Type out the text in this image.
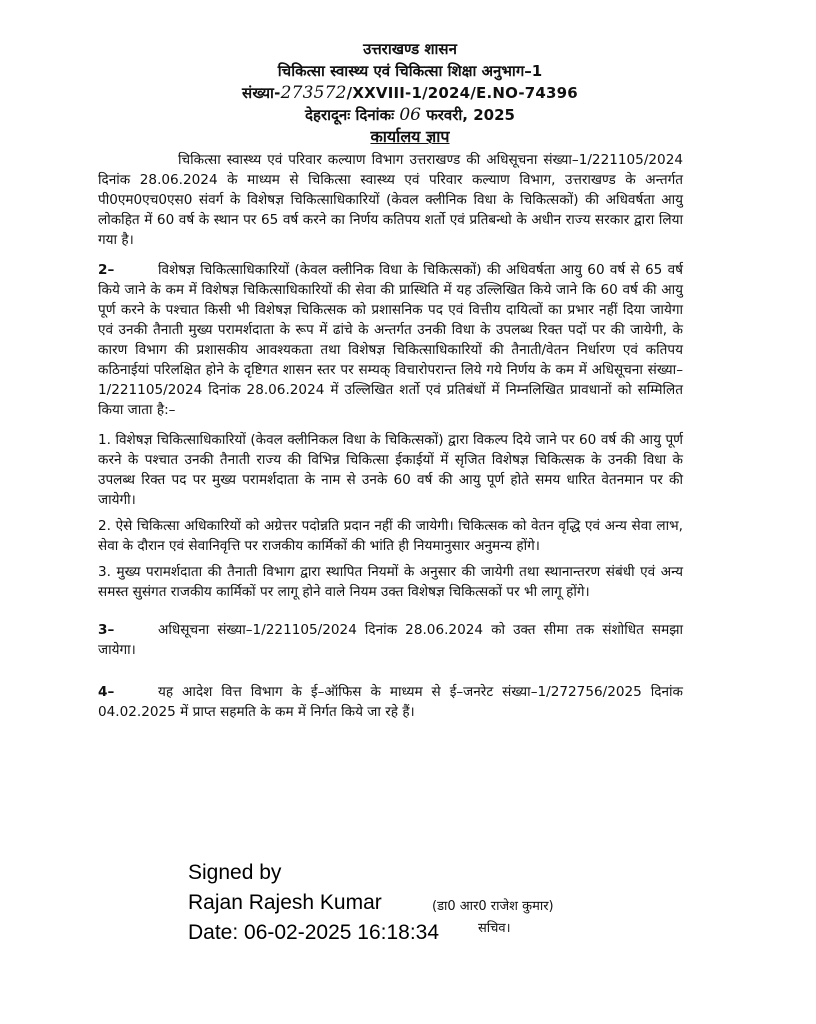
उत्तराखण्ड शासन
चिकित्सा स्वास्थ्य एवं चिकित्सा शिक्षा अनुभाग–1
संख्या-273572/XXVIII-1/2024/E.NO-74396
देहरादूनः दिनांकः 06 फरवरी, 2025
कार्यालय ज्ञाप

चिकित्सा स्वास्थ्य एवं परिवार कल्याण विभाग उत्तराखण्ड की अधिसूचना संख्या–1/221105/2024 दिनांक 28.06.2024 के माध्यम से चिकित्सा स्वास्थ्य एवं परिवार कल्याण विभाग, उत्तराखण्ड के अन्तर्गत पी0एम0एच0एस0 संवर्ग के विशेषज्ञ चिकित्साधिकारियों (केवल क्लीनिक विधा के चिकित्सकों) की अधिवर्षता आयु लोकहित में 60 वर्ष के स्थान पर 65 वर्ष करने का निर्णय कतिपय शर्तो एवं प्रतिबन्धो के अधीन राज्य सरकार द्वारा लिया गया है।

2–	विशेषज्ञ चिकित्साधिकारियों (केवल क्लीनिक विधा के चिकित्सकों) की अधिवर्षता आयु 60 वर्ष से 65 वर्ष किये जाने के कम में विशेषज्ञ चिकित्साधिकारियों की सेवा की प्रास्थिति में यह उल्लिखित किये जाने कि 60 वर्ष की आयु पूर्ण करने के पश्चात किसी भी विशेषज्ञ चिकित्सक को प्रशासनिक पद एवं वित्तीय दायित्वों का प्रभार नहीं दिया जायेगा एवं उनकी तैनाती मुख्य परामर्शदाता के रूप में ढांचे के अन्तर्गत उनकी विधा के उपलब्ध रिक्त पदों पर की जायेगी, के कारण विभाग की प्रशासकीय आवश्यकता तथा विशेषज्ञ चिकित्साधिकारियों की तैनाती/वेतन निर्धारण एवं कतिपय कठिनाईयां परिलक्षित होने के दृष्टिगत शासन स्तर पर सम्यक् विचारोपरान्त लिये गये निर्णय के कम में अधिसूचना संख्या–1/221105/2024 दिनांक 28.06.2024 में उल्लिखित शर्तो एवं प्रतिबंधों में निम्नलिखित प्रावधानों को सम्मिलित किया जाता है:–

1. विशेषज्ञ चिकित्साधिकारियों (केवल क्लीनिकल विधा के चिकित्सकों) द्वारा विकल्प दिये जाने पर 60 वर्ष की आयु पूर्ण करने के पश्चात उनकी तैनाती राज्य की विभिन्न चिकित्सा ईकाईयों में सृजित विशेषज्ञ चिकित्सक के उनकी विधा के उपलब्ध रिक्त पद पर मुख्य परामर्शदाता के नाम से उनके 60 वर्ष की आयु पूर्ण होते समय धारित वेतनमान पर की जायेगी।

2. ऐसे चिकित्सा अधिकारियों को अग्रेत्तर पदोन्नति प्रदान नहीं की जायेगी। चिकित्सक को वेतन वृद्धि एवं अन्य सेवा लाभ, सेवा के दौरान एवं सेवानिवृत्ति पर राजकीय कार्मिकों की भांति ही नियमानुसार अनुमन्य होंगे।

3. मुख्य परामर्शदाता की तैनाती विभाग द्वारा स्थापित नियमों के अनुसार की जायेगी तथा स्थानान्तरण संबंधी एवं अन्य समस्त सुसंगत राजकीय कार्मिकों पर लागू होने वाले नियम उक्त विशेषज्ञ चिकित्सकों पर भी लागू होंगे।

3–	अधिसूचना संख्या–1/221105/2024 दिनांक 28.06.2024 को उक्त सीमा तक संशोधित समझा जायेगा।

4–	यह आदेश वित्त विभाग के ई–ऑफिस के माध्यम से ई–जनरेट संख्या–1/272756/2025 दिनांक 04.02.2025 में प्राप्त सहमति के कम में निर्गत किये जा रहे हैं।

Signed by
Rajan Rajesh Kumar
Date: 06-02-2025 16:18:34
(डा0 आर0 राजेश कुमार)
सचिव।
